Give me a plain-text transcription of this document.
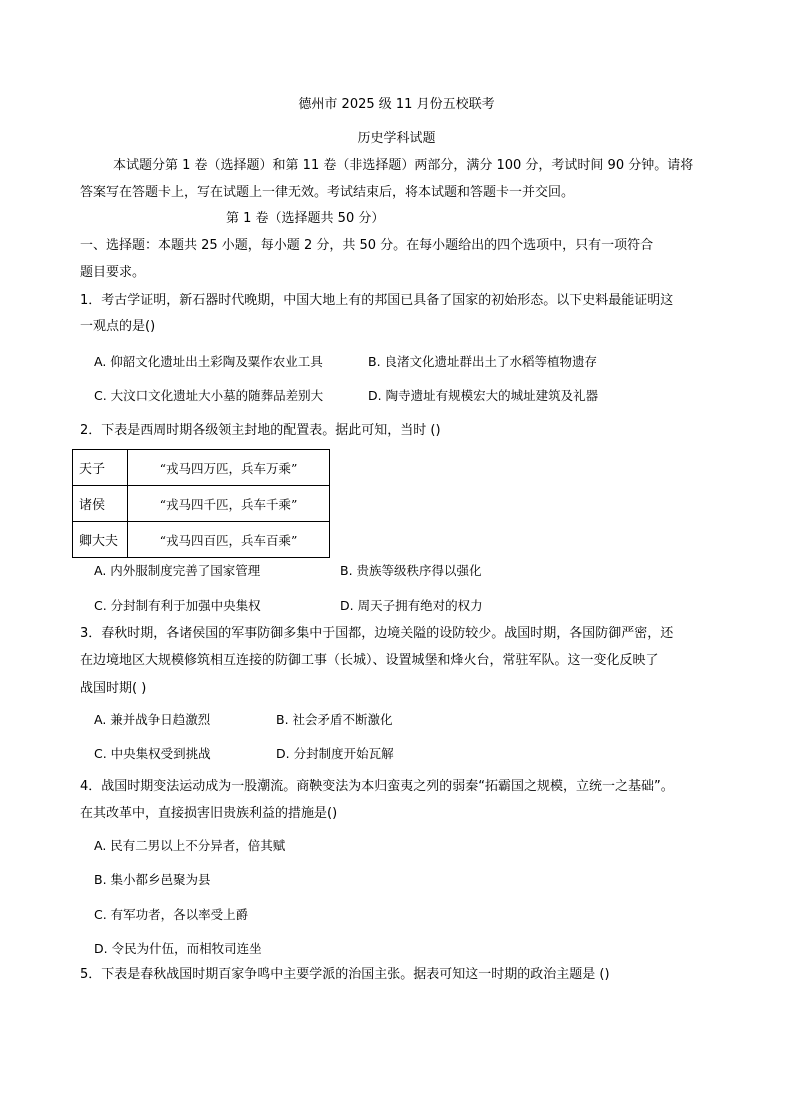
德州市 2025 级 11 月份五校联考
历史学科试题
本试题分第 1 卷（选择题）和第 11 卷（非选择题）两部分，满分 100 分，考试时间 90 分钟。请将
答案写在答题卡上，写在试题上一律无效。考试结束后，将本试题和答题卡一并交回。
第 1 卷（选择题共 50 分）
一、选择题：本题共 25 小题，每小题 2 分，共 50 分。在每小题给出的四个选项中，只有一项符合
题目要求。
1．考古学证明，新石器时代晚期，中国大地上有的邦国已具备了国家的初始形态。以下史料最能证明这
一观点的是()
A. 仰韶文化遗址出土彩陶及粟作农业工具	B. 良渚文化遗址群出土了水稻等植物遗存
C. 大汶口文化遗址大小墓的随葬品差别大	D. 陶寺遗址有规模宏大的城址建筑及礼器
2．下表是西周时期各级领主封地的配置表。据此可知，当时 ()
天子	“戎马四万匹，兵车万乘”
诸侯	“戎马四千匹，兵车千乘”
卿大夫	“戎马四百匹，兵车百乘”
A. 内外服制度完善了国家管理	B. 贵族等级秩序得以强化
C. 分封制有利于加强中央集权	D. 周天子拥有绝对的权力
3．春秋时期，各诸侯国的军事防御多集中于国都，边境关隘的设防较少。战国时期，各国防御严密，还
在边境地区大规模修筑相互连接的防御工事（长城）、设置城堡和烽火台，常驻军队。这一变化反映了
战国时期( )
A. 兼并战争日趋激烈	B. 社会矛盾不断激化
C. 中央集权受到挑战	D. 分封制度开始瓦解
4．战国时期变法运动成为一股潮流。商鞅变法为本归蛮夷之列的弱秦“拓霸国之规模，立统一之基础”。
在其改革中，直接损害旧贵族利益的措施是()
A. 民有二男以上不分异者，倍其赋
B. 集小都乡邑聚为县
C. 有军功者，各以率受上爵
D. 令民为什伍，而相牧司连坐
5．下表是春秋战国时期百家争鸣中主要学派的治国主张。据表可知这一时期的政治主题是 ()
